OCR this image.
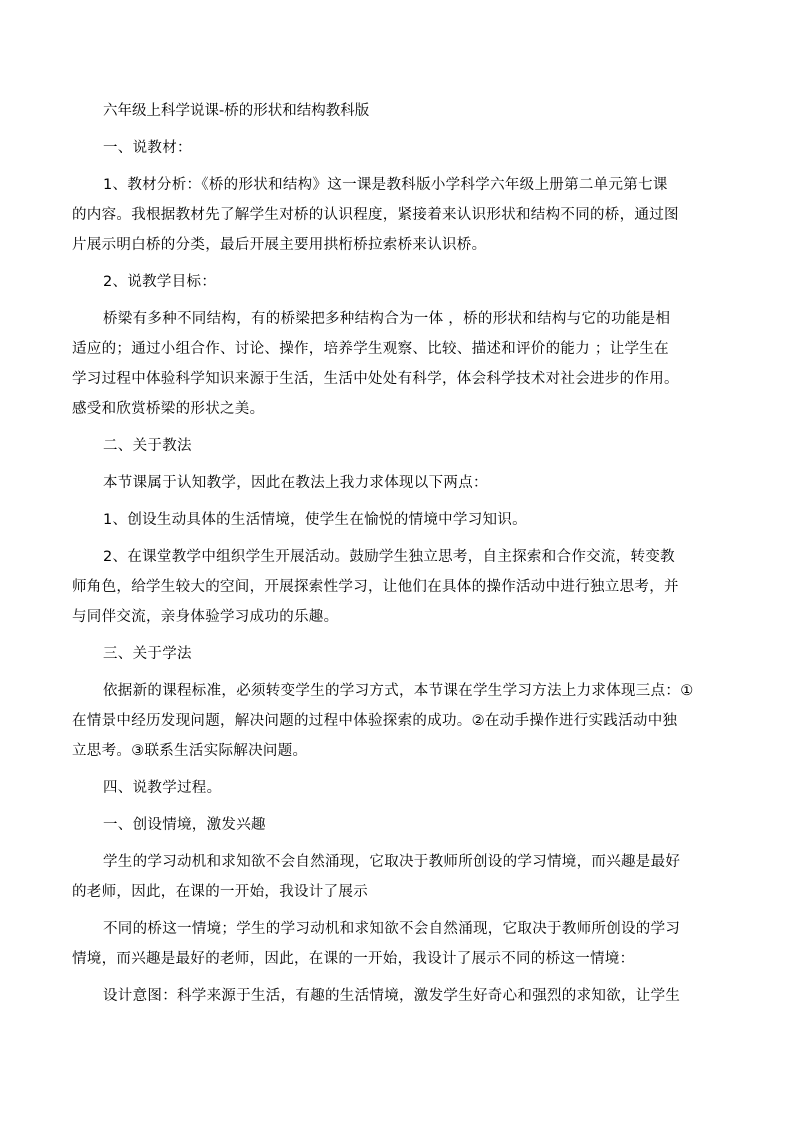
六年级上科学说课-桥的形状和结构教科版
一、说教材：
1、教材分析：《桥的形状和结构》这一课是教科版小学科学六年级上册第二单元第七课
的内容。我根据教材先了解学生对桥的认识程度，紧接着来认识形状和结构不同的桥，通过图
片展示明白桥的分类，最后开展主要用拱桁桥拉索桥来认识桥。
2、说教学目标：
桥梁有多种不同结构，有的桥梁把多种结构合为一体 ，桥的形状和结构与它的功能是相
适应的；通过小组合作、讨论、操作，培养学生观察、比较、描述和评价的能力 ；让学生在
学习过程中体验科学知识来源于生活，生活中处处有科学，体会科学技术对社会进步的作用。
感受和欣赏桥梁的形状之美。
二、关于教法
本节课属于认知教学，因此在教法上我力求体现以下两点：
1、创设生动具体的生活情境，使学生在愉悦的情境中学习知识。
2、在课堂教学中组织学生开展活动。鼓励学生独立思考，自主探索和合作交流，转变教
师角色，给学生较大的空间，开展探索性学习，让他们在具体的操作活动中进行独立思考，并
与同伴交流，亲身体验学习成功的乐趣。
三、关于学法
依据新的课程标准，必须转变学生的学习方式，本节课在学生学习方法上力求体现三点：①
在情景中经历发现问题，解决问题的过程中体验探索的成功。②在动手操作进行实践活动中独
立思考。③联系生活实际解决问题。
四、说教学过程。
一、创设情境，激发兴趣
学生的学习动机和求知欲不会自然涌现，它取决于教师所创设的学习情境，而兴趣是最好
的老师，因此，在课的一开始，我设计了展示
不同的桥这一情境；学生的学习动机和求知欲不会自然涌现，它取决于教师所创设的学习
情境，而兴趣是最好的老师，因此，在课的一开始，我设计了展示不同的桥这一情境：
设计意图：科学来源于生活，有趣的生活情境，激发学生好奇心和强烈的求知欲，让学生
